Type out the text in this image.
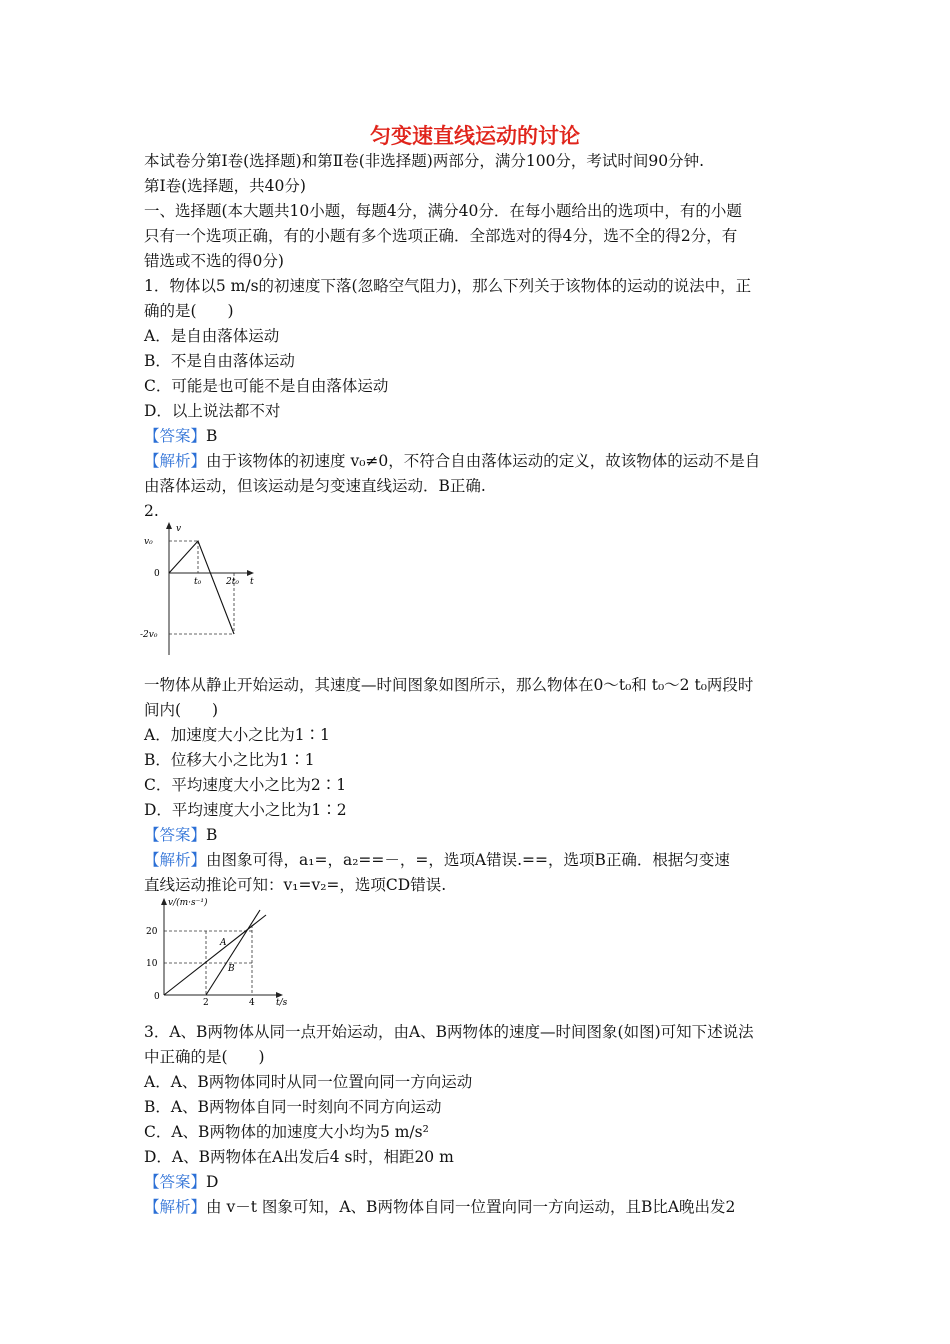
匀变速直线运动的讨论
本试卷分第Ⅰ卷(选择题)和第Ⅱ卷(非选择题)两部分，满分100分，考试时间90分钟.
第Ⅰ卷(选择题，共40分)
一、选择题(本大题共10小题，每题4分，满分40分．在每小题给出的选项中，有的小题
只有一个选项正确，有的小题有多个选项正确．全部选对的得4分，选不全的得2分，有
错选或不选的得0分)
1．物体以5 m/s的初速度下落(忽略空气阻力)，那么下列关于该物体的运动的说法中，正
确的是(　　)
A．是自由落体运动
B．不是自由落体运动
C．可能是也可能不是自由落体运动
D．以上说法都不对
【答案】B
【解析】由于该物体的初速度 v₀≠0，不符合自由落体运动的定义，故该物体的运动不是自
由落体运动，但该运动是匀变速直线运动．B正确.
2.
v
t
v₀
0
-2v₀
t₀	2t₀
一物体从静止开始运动，其速度—时间图象如图所示，那么物体在0～t₀和 t₀～2 t₀两段时
间内(　　)
A．加速度大小之比为1∶1
B．位移大小之比为1∶1
C．平均速度大小之比为2∶1
D．平均速度大小之比为1∶2
【答案】B
【解析】由图象可得，a₁=，a₂==－，=，选项A错误.==，选项B正确．根据匀变速
直线运动推论可知：v₁=v₂=，选项CD错误.
v/(m·s⁻¹)
t/s
20
10
0
2	4
A
B
3．A、B两物体从同一点开始运动，由A、B两物体的速度—时间图象(如图)可知下述说法
中正确的是(　　)
A．A、B两物体同时从同一位置向同一方向运动
B．A、B两物体自同一时刻向不同方向运动
C．A、B两物体的加速度大小均为5 m/s²
D．A、B两物体在A出发后4 s时，相距20 m
【答案】D
【解析】由 v－t 图象可知，A、B两物体自同一位置向同一方向运动，且B比A晚出发2
